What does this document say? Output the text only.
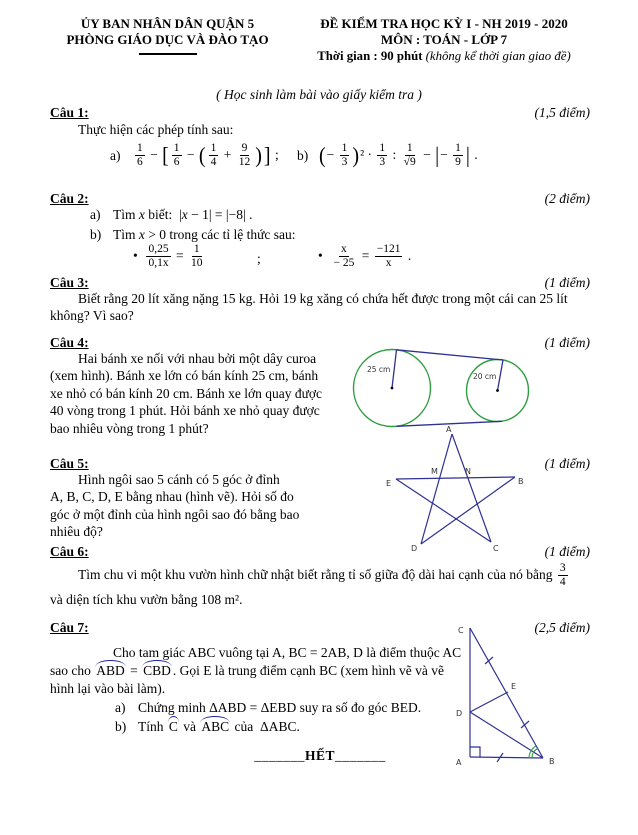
ỦY BAN NHÂN DÂN QUẬN 5
PHÒNG GIÁO DỤC VÀ ĐÀO TẠO
ĐỀ KIỂM TRA HỌC KỲ I - NH 2019 - 2020
MÔN : TOÁN - LỚP 7
Thời gian : 90 phút (không kể thời gian giao đề)
( Học sinh làm bài vào giấy kiểm tra )
Câu 1:	(1,5 điểm)
Thực hiện các phép tính sau:
$a) \frac{1}{6}$ − [ $\frac{1}{6}$ − ( $\frac{1}{4} + \frac{9}{12}$ ) ] ; b) ( − $\frac{1}{3}$ ) $^2 \cdot \frac{1}{3}$ : $\frac{1}{√9}$ − | − $\frac{1}{9}$ | .
Câu 2:	(2 điểm)
a) Tìm x biết:  | x − 1| = |−8| .
b) Tìm x > 0 trong các tỉ lệ thức sau:
• $\frac{0,25}{0,1x} = \frac{1}{10}$	;	• $\frac{x}{- 25} = \frac{-121}{x}$ .
Câu 3:	(1 điểm)
Biết rằng 20 lít xăng nặng 15 kg. Hỏi 19 kg xăng có chứa hết được trong một cái can 25 lít
không? Vì sao?
Câu 4:	(1 điểm)
Hai bánh xe nối với nhau bởi một dây curoa
(xem hình). Bánh xe lớn có bán kính 25 cm, bánh
xe nhỏ có bán kính 20 cm. Bánh xe lớn quay được
40 vòng trong 1 phút. Hỏi bánh xe nhỏ quay được
bao nhiêu vòng trong 1 phút?
25 cm
20 cm
Câu 5:	(1 điểm)
Hình ngôi sao 5 cánh có 5 góc ở đỉnh
A, B, C, D, E bằng nhau (hình vẽ). Hỏi số đo
góc ở một đỉnh của hình ngôi sao đó bằng bao
nhiêu độ?
A
M	N
E	B
D	C
Câu 6:	(1 điểm)
Tìm chu vi một khu vườn hình chữ nhật biết rằng tỉ số giữa độ dài hai cạnh của nó bằng $\frac{3}{4}$
và diện tích khu vườn bằng 108 m².
Câu 7:	(2,5 điểm)
Cho tam giác ABC vuông tại A, BC = 2AB, D là điểm thuộc AC
sao cho ABD = CBD . Gọi E là trung điểm cạnh BC (xem hình vẽ và vẽ
hình lại vào bài làm).
a) Chứng minh ΔABD = ΔEBD suy ra số đo góc BED.
b) Tính C và ABC của  ΔABC.
C
E
D
A	B
_______HẾT_______
